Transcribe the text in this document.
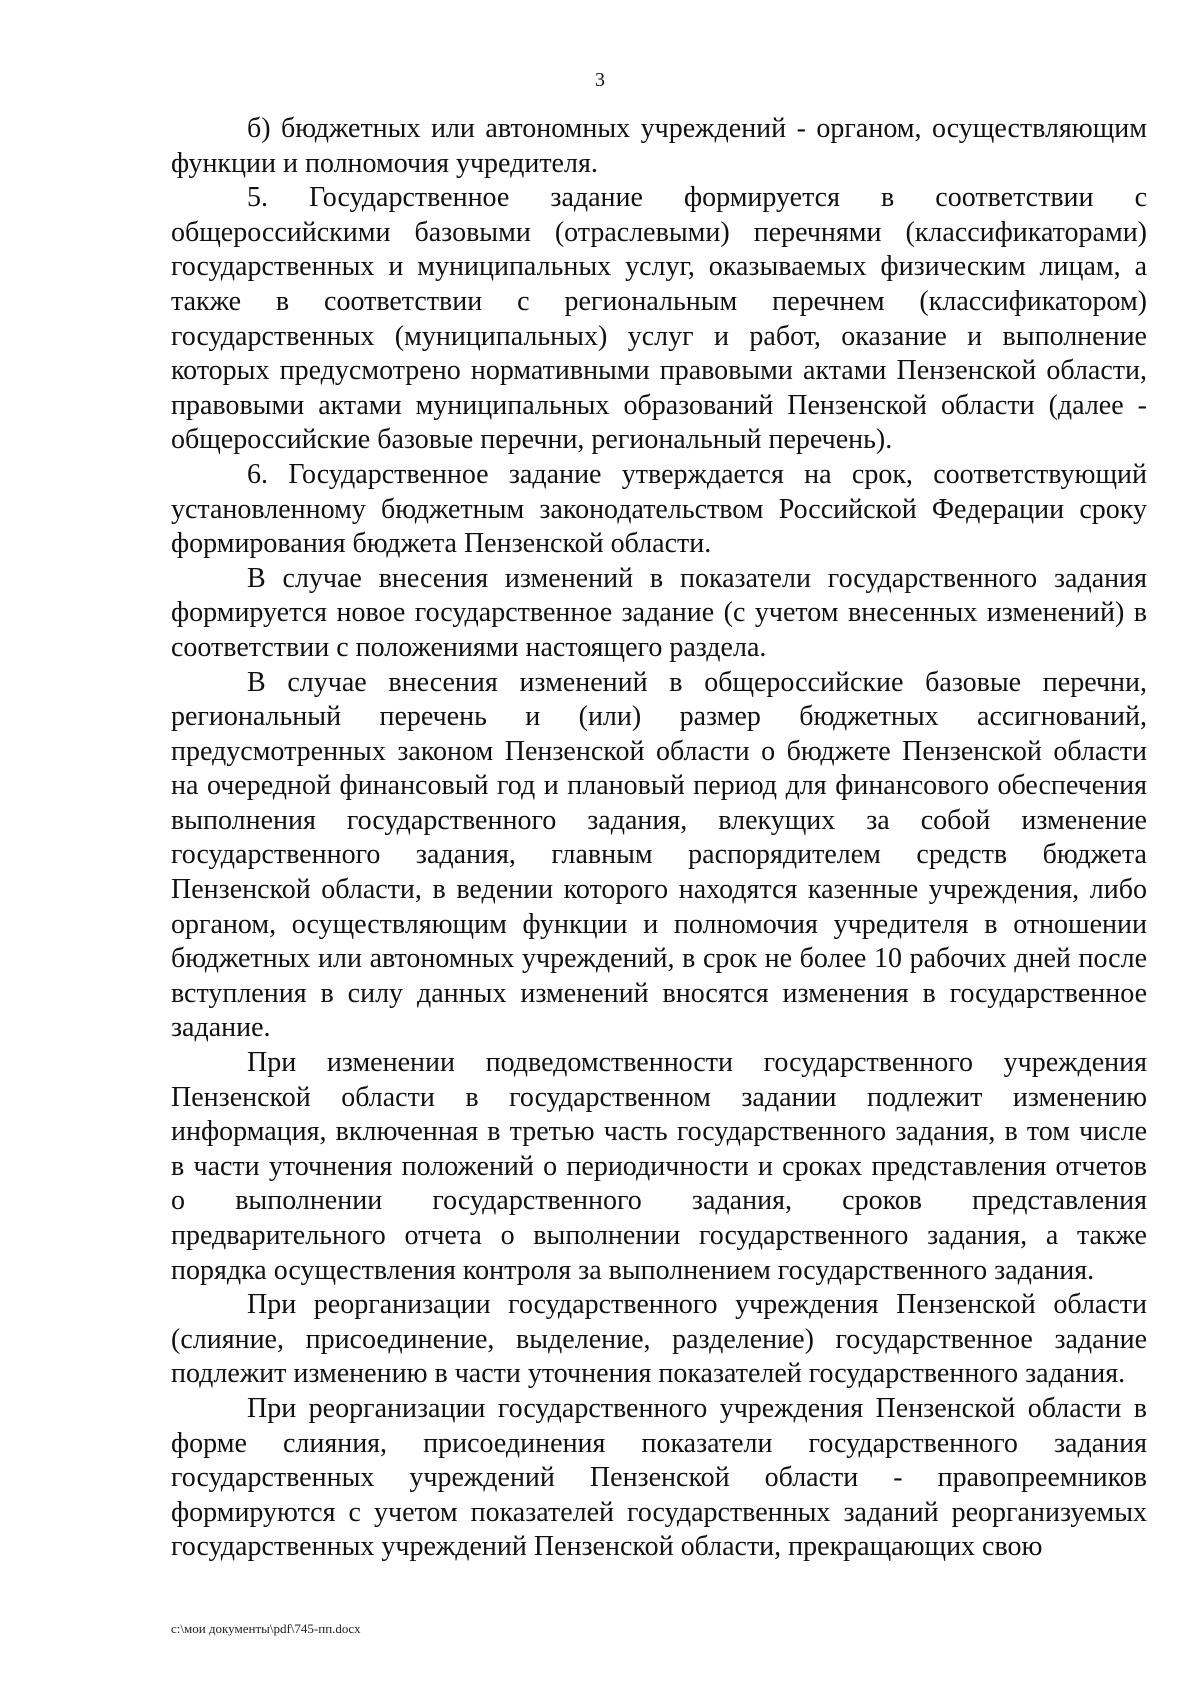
3

б) бюджетных или автономных учреждений - органом, осуществляющим функции и полномочия учредителя.

5. Государственное задание формируется в соответствии с общероссийскими базовыми (отраслевыми) перечнями (классификаторами) государственных и муниципальных услуг, оказываемых физическим лицам, а также в соответствии с региональным перечнем (классификатором) государственных (муниципальных) услуг и работ, оказание и выполнение которых предусмотрено нормативными правовыми актами Пензенской области, правовыми актами муниципальных образований Пензенской области (далее - общероссийские базовые перечни, региональный перечень).

6. Государственное задание утверждается на срок, соответствующий установленному бюджетным законодательством Российской Федерации сроку формирования бюджета Пензенской области.

В случае внесения изменений в показатели государственного задания формируется новое государственное задание (с учетом внесенных изменений) в соответствии с положениями настоящего раздела.

В случае внесения изменений в общероссийские базовые перечни, региональный перечень и (или) размер бюджетных ассигнований, предусмотренных законом Пензенской области о бюджете Пензенской области на очередной финансовый год и плановый период для финансового обеспечения выполнения государственного задания, влекущих за собой изменение государственного задания, главным распорядителем средств бюджета Пензенской области, в ведении которого находятся казенные учреждения, либо органом, осуществляющим функции и полномочия учредителя в отношении бюджетных или автономных учреждений, в срок не более 10 рабочих дней после вступления в силу данных изменений вносятся изменения в государственное задание.

При изменении подведомственности государственного учреждения Пензенской области в государственном задании подлежит изменению информация, включенная в третью часть государственного задания, в том числе в части уточнения положений о периодичности и сроках представления отчетов о выполнении государственного задания, сроков представления предварительного отчета о выполнении государственного задания, а также порядка осуществления контроля за выполнением государственного задания.

При реорганизации государственного учреждения Пензенской области (слияние, присоединение, выделение, разделение) государственное задание подлежит изменению в части уточнения показателей государственного задания.

При реорганизации государственного учреждения Пензенской области в форме слияния, присоединения показатели государственного задания государственных учреждений Пензенской области - правопреемников формируются с учетом показателей государственных заданий реорганизуемых государственных учреждений Пензенской области, прекращающих свою

c:\мои документы\pdf\745-пп.docx
